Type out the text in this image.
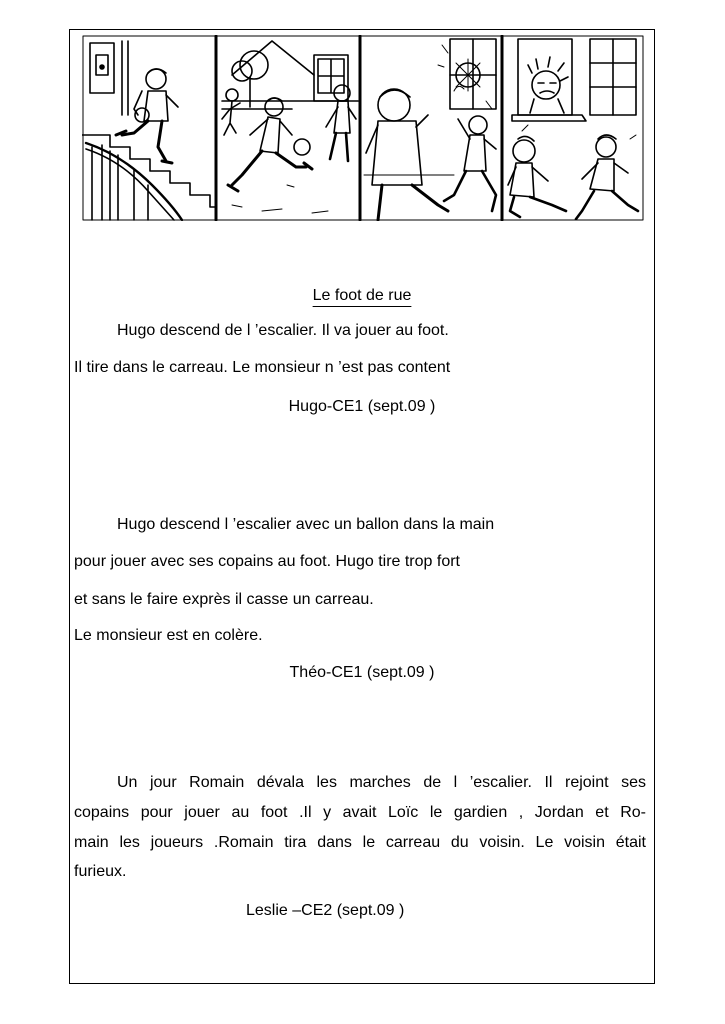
Le foot de rue
Hugo descend de l ’escalier. Il va jouer au foot.
Il tire dans le carreau. Le monsieur n ’est pas content
Hugo-CE1 (sept.09 )
Hugo descend l ’escalier avec un ballon dans la main
pour jouer avec ses copains au foot. Hugo tire trop fort
et sans le faire exprès il casse un carreau.
Le monsieur est en colère.
Théo-CE1 (sept.09 )
Un jour Romain dévala les marches de l ’escalier. Il rejoint ses
copains pour jouer au foot .Il y avait Loïc le gardien , Jordan et Ro-
main les joueurs .Romain tira dans le carreau du voisin. Le voisin était
furieux.
Leslie –CE2 (sept.09 )
